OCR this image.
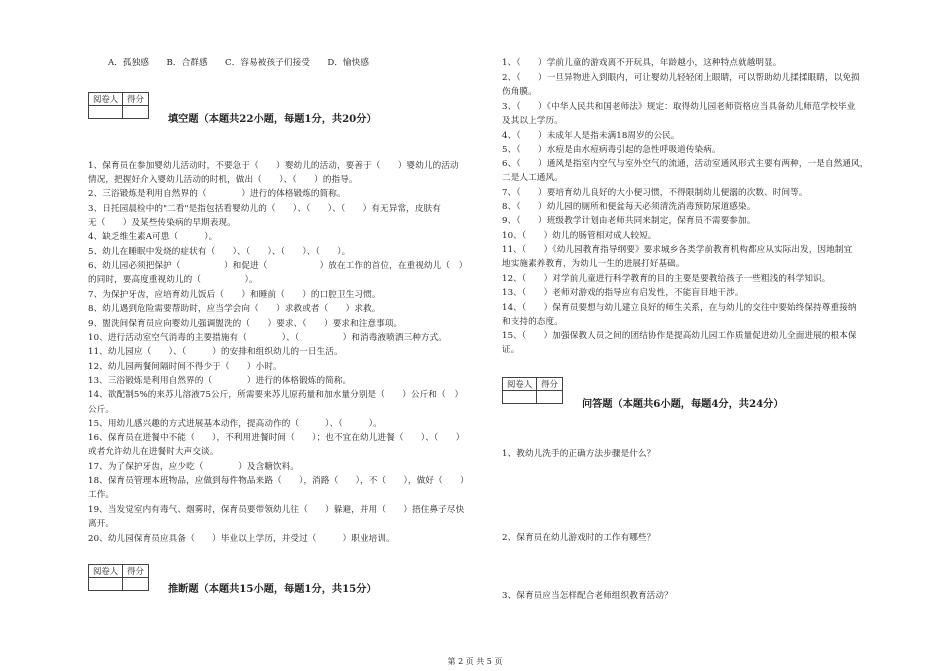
A．孤独感　　B．合群感　　C．容易被孩子们接受　　D．愉快感
阅卷人	得分

填空题（本题共22小题，每题1分，共20分）
1、保育员在参加婴幼儿活动时，不要急于（　　）婴幼儿的活动，要善于（　　）婴幼儿的活动
情况，把握好介入婴幼儿活动的时机，做出（　　）、（　　）的指导。
2、三浴锻炼是利用自然界的（　　　　）进行的体格锻炼的简称。
3、日托园晨检中的"二看"是指包括看婴幼儿的（　　）、（　　）、（　　）有无异常，皮肤有
无（　　）及某些传染病的早期表现。
4、缺乏维生素A可患（　　　）。
5、幼儿在睡眠中发烧的症状有（　　）、（　　）、（　　）、（　　）。
6、幼儿园必须把保护（　　　　　）和促进（　　　　　　）放在工作的首位，在重视幼儿（　）
的同时，要高度重视幼儿的（　　　　　）。
7、为保护牙齿，应培育幼儿饭后（　　）和睡前（　　）的口腔卫生习惯。
8、幼儿遇到危险需要帮助时，应当学会向（　　）求救或者（　　）求救。
9、盥洗间保育员应向婴幼儿强调盥洗的（　　）要求、（　　）要求和注意事项。
10、进行活动室空气消毒的主要措施有（　　　　）、（　　　　　）和消毒液喷洒三种方式。
11、幼儿园应（　　）、（　　　）的安排和组织幼儿的一日生活。
12、幼儿园两餐间隔时间不得少于（　　）小时。
13、三浴锻炼是利用自然界的（　　　　）进行的体格锻炼的简称。
14、欲配制5%的来苏儿溶液75公斤，所需要来苏儿原药量和加水量分别是（　　）公斤和（　）
公斤。
15、用幼儿感兴趣的方式进展基本动作，提高动作的（　　　）、（　　　）。
16、保育员在进餐中不能（　　），不利用进餐时间（　　）；也不宜在幼儿进餐（　　）、（　　）
或者允许幼儿在进餐时大声交谈。
17、为了保护牙齿，应少吃（　　　　）及含糖饮料。
18、保育员管理本班物品，应做到每件物品来路（　　），消路（　　），不（　　），做好（　　）
工作。
19、当发觉室内有毒气、烟雾时，保育员要带领幼儿往（　　）躲避，并用（　　）捂住鼻子尽快
离开。
20、幼儿园保育员应具备（　　）毕业以上学历，并受过（　　　）职业培训。
阅卷人	得分

推断题（本题共15小题，每题1分，共15分）
1、（　　）学前儿童的游戏离不开玩具，年龄越小，这种特点就越明显。
2、（　　）一旦异物进入到眼内，可让婴幼儿轻轻闭上眼睛，可以帮助幼儿揉揉眼睛，以免损
伤角膜。
3、（　　）《中华人民共和国老师法》规定：取得幼儿园老师资格应当具备幼儿师范学校毕业
及其以上学历。
4、（　　）未成年人是指未满18周岁的公民。
5、（　　）水痘是由水痘病毒引起的急性呼吸道传染病。
6、（　　）通风是指室内空气与室外空气的流通，活动室通风形式主要有两种，一是自然通风，
二是人工通风。
7、（　　）要培育幼儿良好的大小便习惯，不得限制幼儿便溺的次数、时间等。
8、（　　）幼儿园的厕所和便盆每天必须清洗消毒预防尿道感染。
9、（　　）班级教学计划由老师共同来制定，保育员不需要参加。
10、（　　）幼儿的肠管相对成人较短。
11、（　　）《幼儿园教育指导纲要》要求城乡各类学前教育机构都应从实际出发，因地制宜
地实施素养教育，为幼儿一生的进展打好基础。
12、（　　）对学前儿童进行科学教育的目的主要是要教给孩子一些粗浅的科学知识。
13、（　　）老师对游戏的指导应有启发性，不能盲目地干涉。
14、（　　）保育员要想与幼儿建立良好的师生关系，在与幼儿的交往中要始终保持尊重接纳
和支持的态度。
15、（　　）加强保教人员之间的团结协作是提高幼儿园工作质量促进幼儿全面进展的根本保
证。
阅卷人	得分

问答题（本题共6小题，每题4分，共24分）
1、教幼儿洗手的正确方法步骤是什么？
2、保育员在幼儿游戏时的工作有哪些？
3、保育员应当怎样配合老师组织教育活动？
第 2 页 共 5 页
